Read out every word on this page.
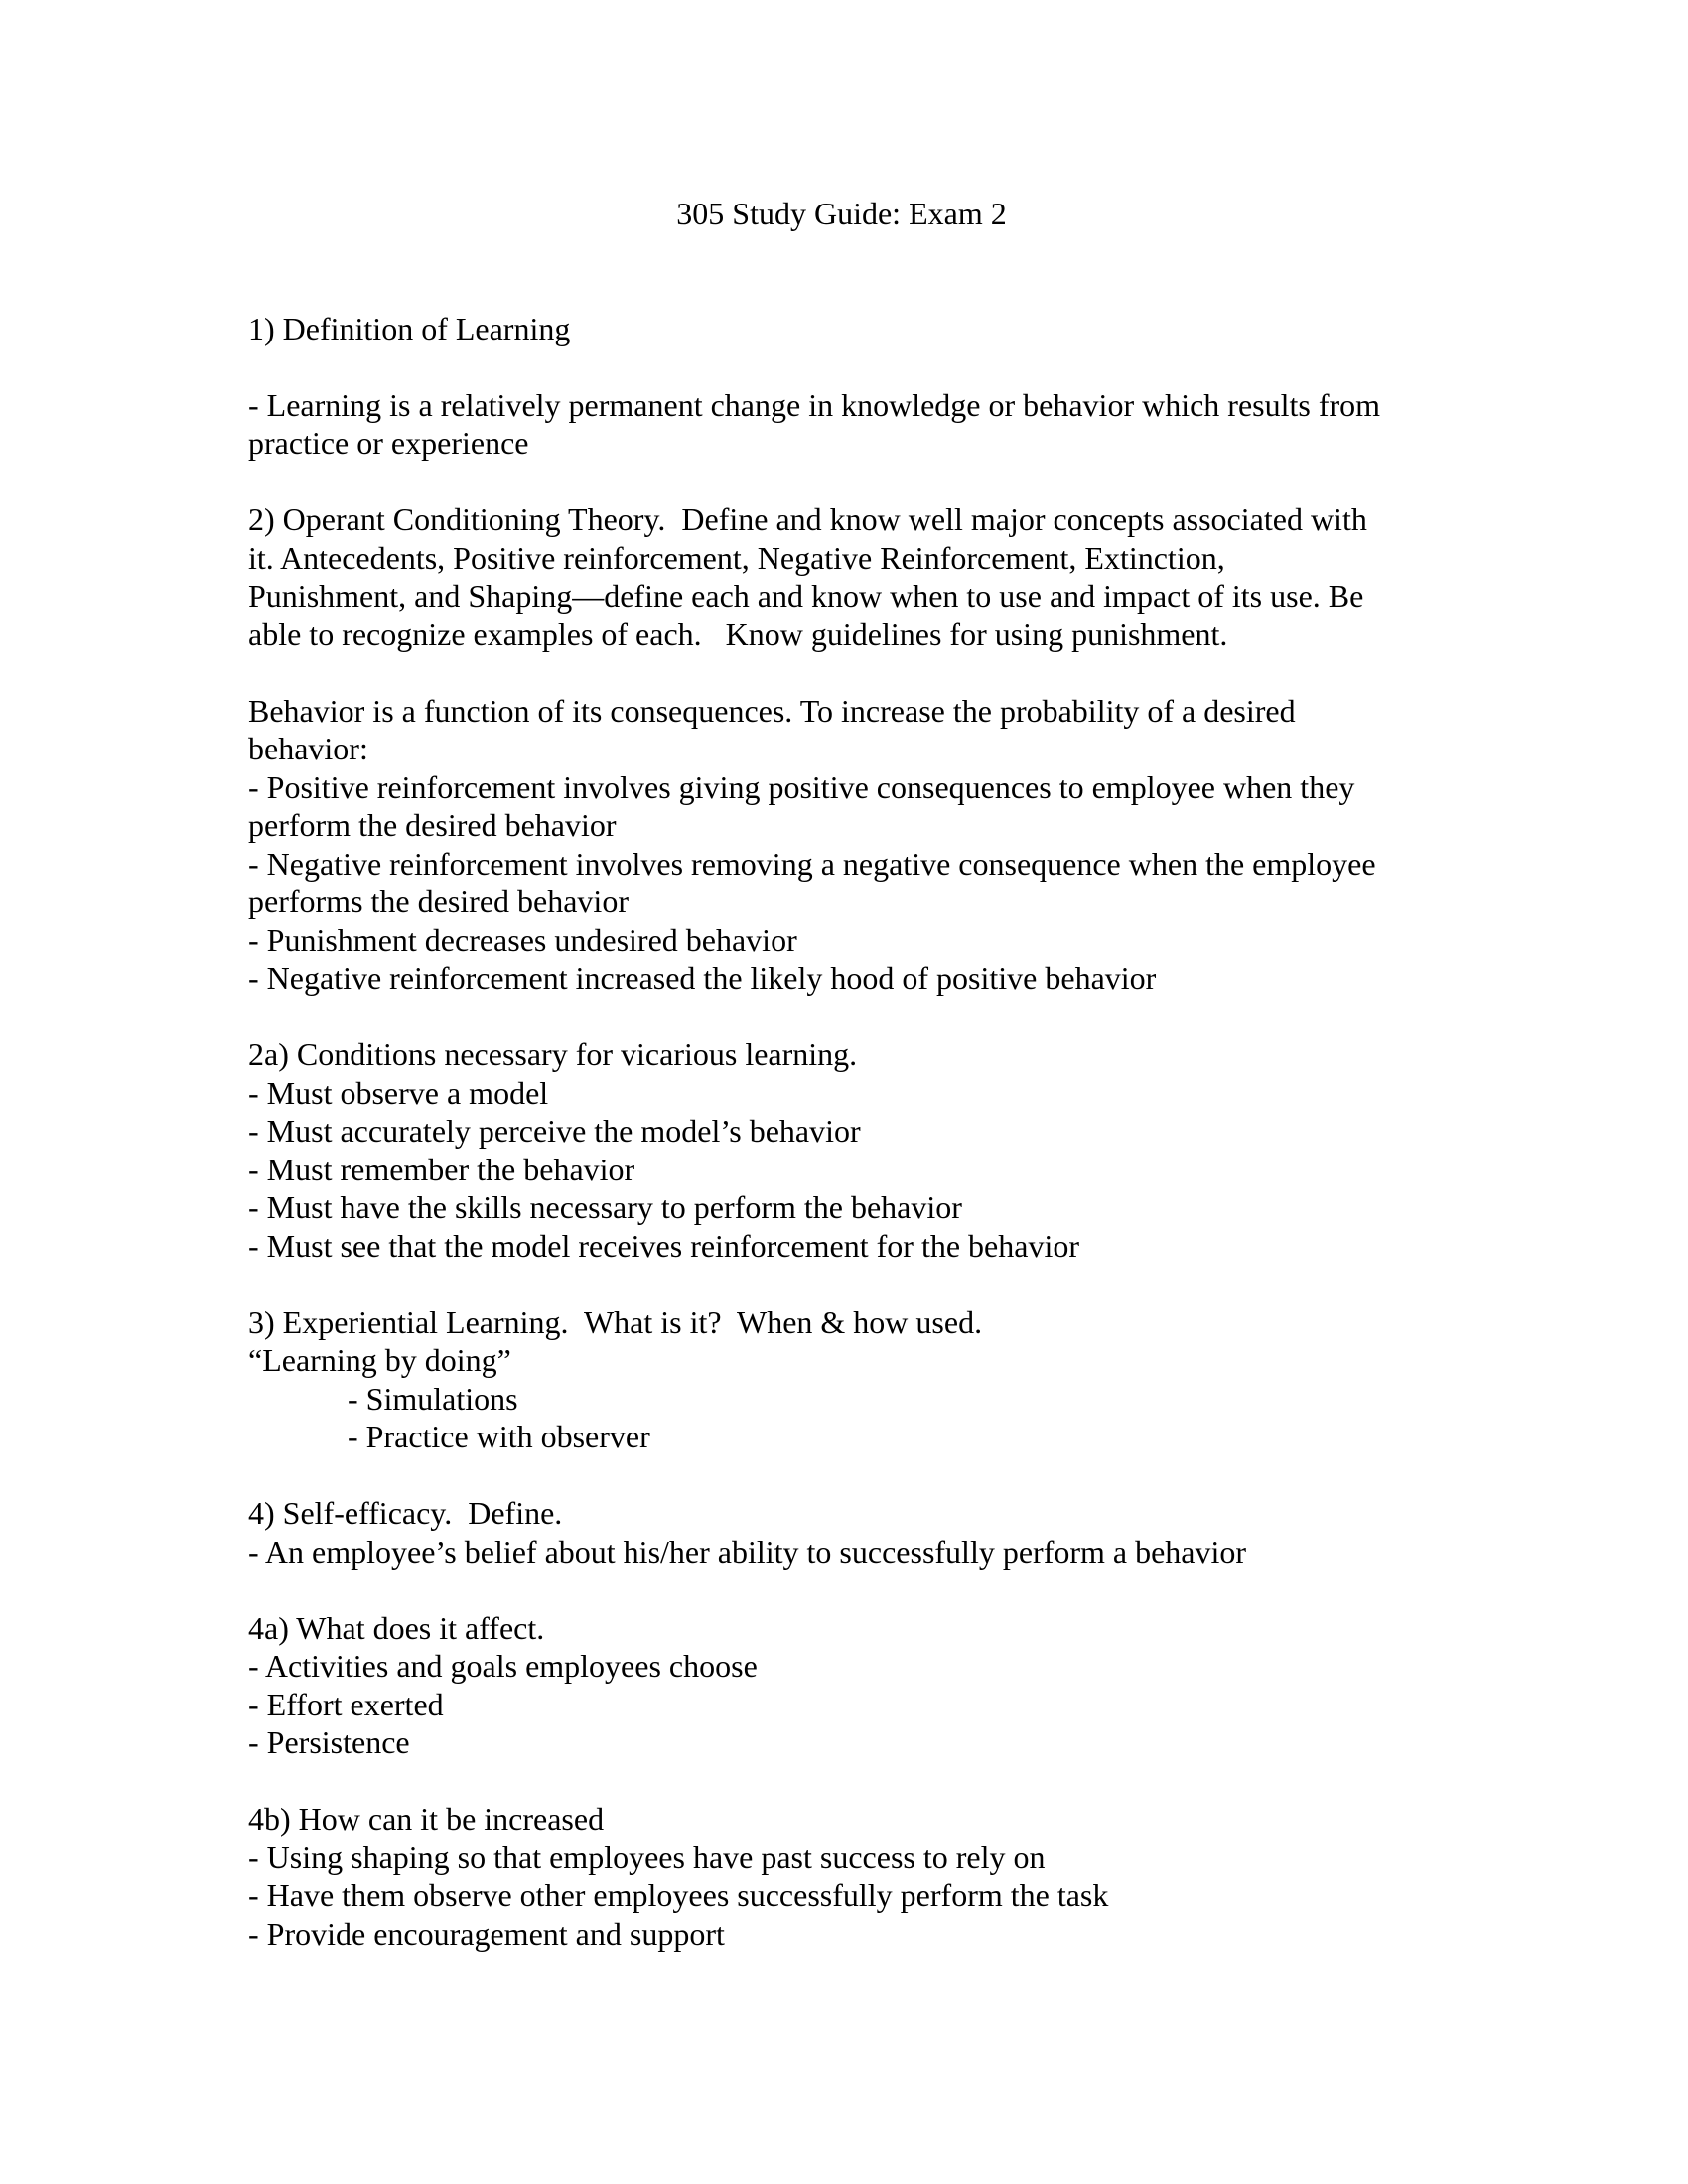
305 Study Guide: Exam 2
1) Definition of Learning
- Learning is a relatively permanent change in knowledge or behavior which results from
practice or experience
2) Operant Conditioning Theory.  Define and know well major concepts associated with
it. Antecedents, Positive reinforcement, Negative Reinforcement, Extinction,
Punishment, and Shaping—define each and know when to use and impact of its use. Be
able to recognize examples of each.   Know guidelines for using punishment.
Behavior is a function of its consequences. To increase the probability of a desired
behavior:
- Positive reinforcement involves giving positive consequences to employee when they
perform the desired behavior
- Negative reinforcement involves removing a negative consequence when the employee
performs the desired behavior
- Punishment decreases undesired behavior
- Negative reinforcement increased the likely hood of positive behavior
2a) Conditions necessary for vicarious learning.
- Must observe a model
- Must accurately perceive the model’s behavior
- Must remember the behavior
- Must have the skills necessary to perform the behavior
- Must see that the model receives reinforcement for the behavior
3) Experiential Learning.  What is it?  When & how used.
“Learning by doing”
- Simulations
- Practice with observer
4) Self-efficacy.  Define.
- An employee’s belief about his/her ability to successfully perform a behavior
4a) What does it affect.
- Activities and goals employees choose
- Effort exerted
- Persistence
4b) How can it be increased
- Using shaping so that employees have past success to rely on
- Have them observe other employees successfully perform the task
- Provide encouragement and support
